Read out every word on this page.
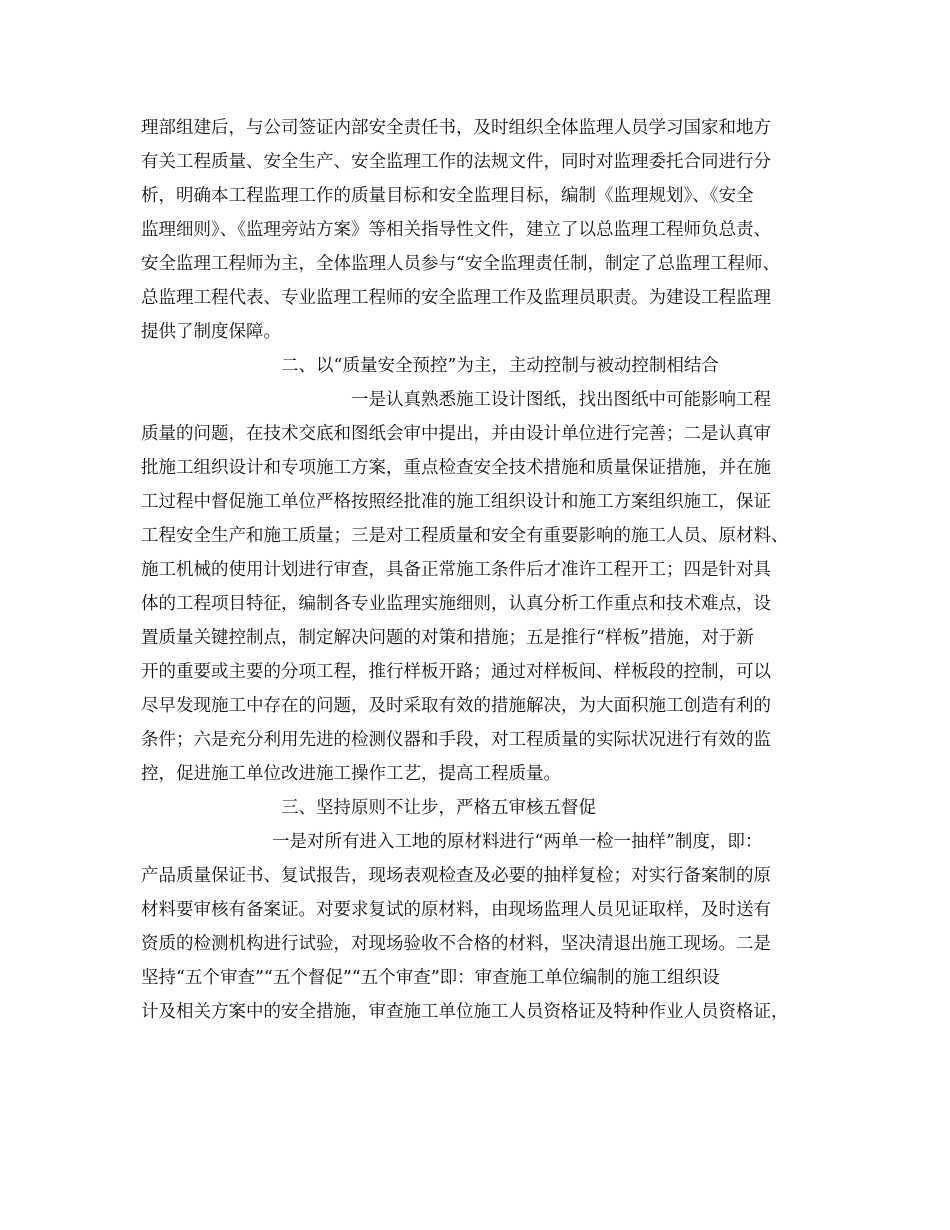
理部组建后，与公司签证内部安全责任书，及时组织全体监理人员学习国家和地方
有关工程质量、安全生产、安全监理工作的法规文件，同时对监理委托合同进行分
析，明确本工程监理工作的质量目标和安全监理目标，编制《监理规划》、《安全
监理细则》、《监理旁站方案》等相关指导性文件，建立了以总监理工程师负总责、
安全监理工程师为主，全体监理人员参与“安全监理责任制，制定了总监理工程师、
总监理工程代表、专业监理工程师的安全监理工作及监理员职责。为建设工程监理
提供了制度保障。
二、以“质量安全预控”为主，主动控制与被动控制相结合
一是认真熟悉施工设计图纸，找出图纸中可能影响工程
质量的问题，在技术交底和图纸会审中提出，并由设计单位进行完善；二是认真审
批施工组织设计和专项施工方案，重点检查安全技术措施和质量保证措施，并在施
工过程中督促施工单位严格按照经批准的施工组织设计和施工方案组织施工，保证
工程安全生产和施工质量；三是对工程质量和安全有重要影响的施工人员、原材料、
施工机械的使用计划进行审查，具备正常施工条件后才准许工程开工；四是针对具
体的工程项目特征，编制各专业监理实施细则，认真分析工作重点和技术难点，设
置质量关键控制点，制定解决问题的对策和措施；五是推行“样板”措施，对于新
开的重要或主要的分项工程，推行样板开路；通过对样板间、样板段的控制，可以
尽早发现施工中存在的问题，及时采取有效的措施解决，为大面积施工创造有利的
条件；六是充分利用先进的检测仪器和手段，对工程质量的实际状况进行有效的监
控，促进施工单位改进施工操作工艺，提高工程质量。
三、坚持原则不让步，严格五审核五督促
一是对所有进入工地的原材料进行“两单一检一抽样”制度，即：
产品质量保证书、复试报告，现场表观检查及必要的抽样复检；对实行备案制的原
材料要审核有备案证。对要求复试的原材料，由现场监理人员见证取样，及时送有
资质的检测机构进行试验，对现场验收不合格的材料，坚决清退出施工现场。二是
坚持“五个审查”“五个督促”“五个审查”即：审查施工单位编制的施工组织设
计及相关方案中的安全措施，审查施工单位施工人员资格证及特种作业人员资格证，
